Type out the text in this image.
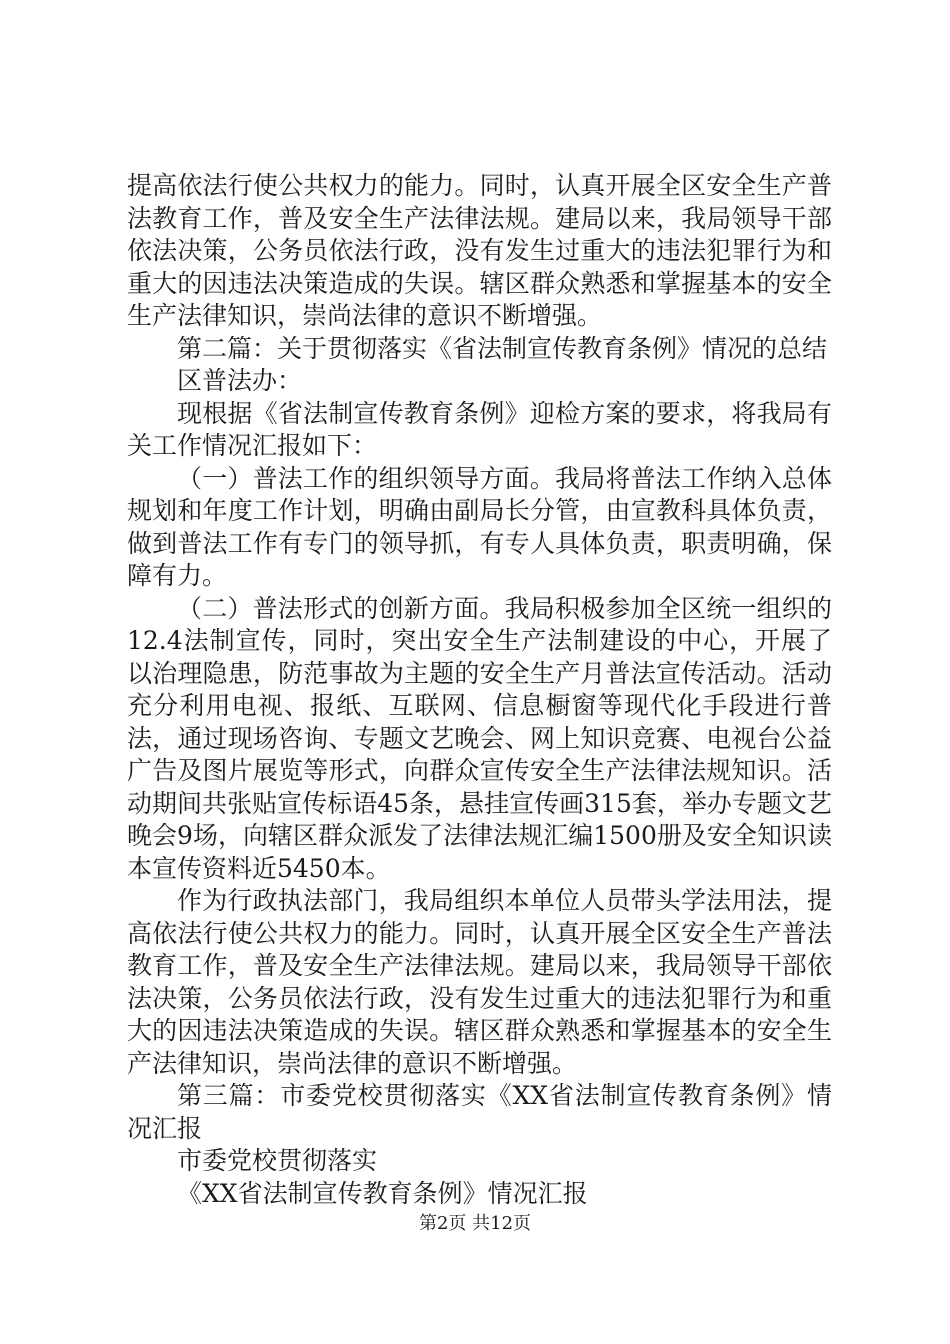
提高依法行使公共权力的能力。同时，认真开展全区安全生产普法教育工作，普及安全生产法律法规。建局以来，我局领导干部依法决策，公务员依法行政，没有发生过重大的违法犯罪行为和重大的因违法决策造成的失误。辖区群众熟悉和掌握基本的安全生产法律知识，崇尚法律的意识不断增强。

第二篇：关于贯彻落实《省法制宣传教育条例》情况的总结

区普法办：

现根据《省法制宣传教育条例》迎检方案的要求，将我局有关工作情况汇报如下：

（一）普法工作的组织领导方面。我局将普法工作纳入总体规划和年度工作计划，明确由副局长分管，由宣教科具体负责，做到普法工作有专门的领导抓，有专人具体负责，职责明确，保障有力。

（二）普法形式的创新方面。我局积极参加全区统一组织的12.4法制宣传，同时，突出安全生产法制建设的中心，开展了以治理隐患，防范事故为主题的安全生产月普法宣传活动。活动充分利用电视、报纸、互联网、信息橱窗等现代化手段进行普法，通过现场咨询、专题文艺晚会、网上知识竞赛、电视台公益广告及图片展览等形式，向群众宣传安全生产法律法规知识。活动期间共张贴宣传标语45条，悬挂宣传画315套，举办专题文艺晚会9场，向辖区群众派发了法律法规汇编1500册及安全知识读本宣传资料近5450本。

作为行政执法部门，我局组织本单位人员带头学法用法，提高依法行使公共权力的能力。同时，认真开展全区安全生产普法教育工作，普及安全生产法律法规。建局以来，我局领导干部依法决策，公务员依法行政，没有发生过重大的违法犯罪行为和重大的因违法决策造成的失误。辖区群众熟悉和掌握基本的安全生产法律知识，崇尚法律的意识不断增强。

第三篇：市委党校贯彻落实《XX省法制宣传教育条例》情况汇报

市委党校贯彻落实

《XX省法制宣传教育条例》情况汇报

第2页 共12页
